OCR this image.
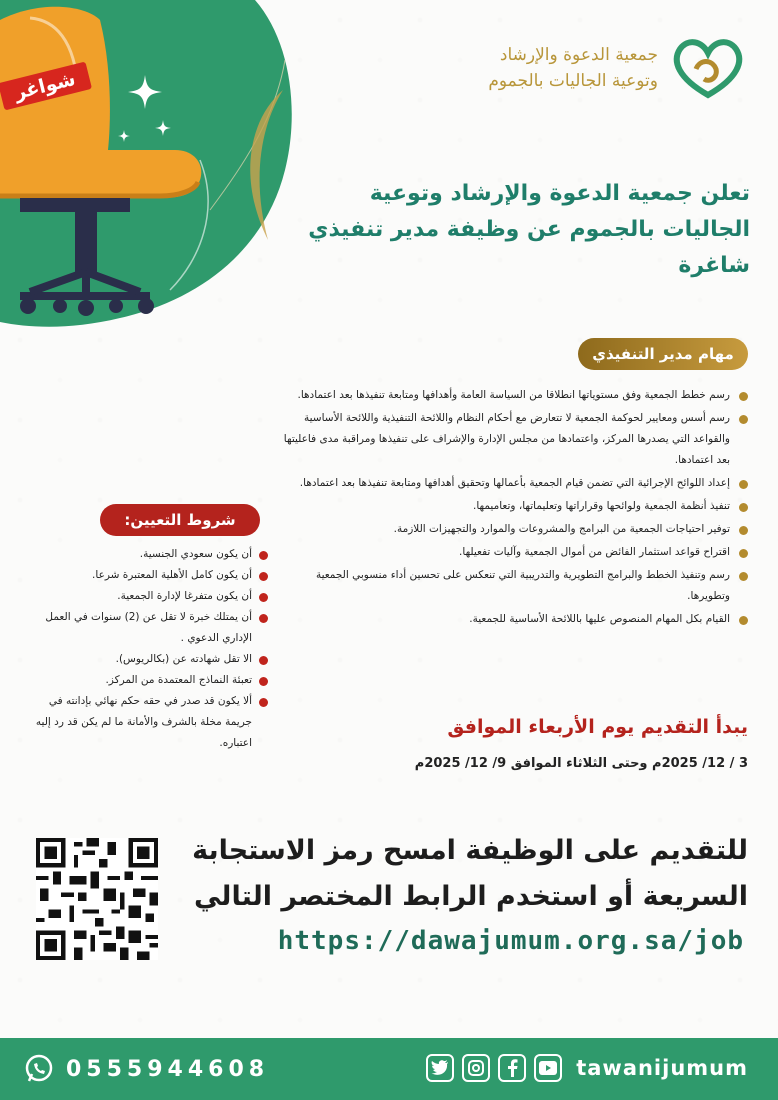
شواغر
جمعية الدعوة والإرشاد
وتوعية الجاليات بالجموم
تعلن جمعية الدعوة والإرشاد وتوعية الجاليات بالجموم عن وظيفة مدير تنفيذي شاغرة
مهام مدير التنفيذي
رسم خطط الجمعية وفق مستوياتها انطلاقا من السياسة العامة وأهدافها ومتابعة تنفيذها بعد اعتمادها.
رسم أسس ومعايير لحوكمة الجمعية لا تتعارض مع أحكام النظام واللائحة التنفيذية واللائحة الأساسية والقواعد التي يصدرها المركز، واعتمادها من مجلس الإدارة والإشراف على تنفيذها ومراقبة مدى فاعليتها بعد اعتمادها.
إعداد اللوائح الإجرائية التي تضمن قيام الجمعية بأعمالها وتحقيق أهدافها ومتابعة تنفيذها بعد اعتمادها.
تنفيذ أنظمة الجمعية ولوائحها وقراراتها وتعليماتها، وتعاميمها.
توفير احتياجات الجمعية من البرامج والمشروعات والموارد والتجهيزات اللازمة.
اقتراح قواعد استثمار الفائض من أموال الجمعية وآليات تفعيلها.
رسم وتنفيذ الخطط والبرامج التطويرية والتدريبية التي تنعكس على تحسين أداء منسوبي الجمعية وتطويرها.
القيام بكل المهام المنصوص عليها باللائحة الأساسية للجمعية.
شروط التعيين:
أن يكون سعودي الجنسية.
أن يكون كامل الأهلية المعتبرة شرعا.
أن يكون متفرغا لإدارة الجمعية.
أن يمتلك خبرة لا تقل عن (2) سنوات في العمل الإداري الدعوي .
الا تقل شهادته عن (بكالريوس).
تعبئة النماذج المعتمدة من المركز.
ألا يكون قد صدر في حقه حكم نهائي بإدانته في جريمة مخلة بالشرف والأمانة ما لم يكن قد رد إليه اعتباره.
يبدأ التقديم يوم الأربعاء الموافق
3 / 12/ 2025م وحتى الثلاثاء الموافق 9/ 12/ 2025م
للتقديم على الوظيفة امسح رمز الاستجابة السريعة أو استخدم الرابط المختصر التالي
https://dawajumum.org.sa/job
0555944608	tawanijumum
